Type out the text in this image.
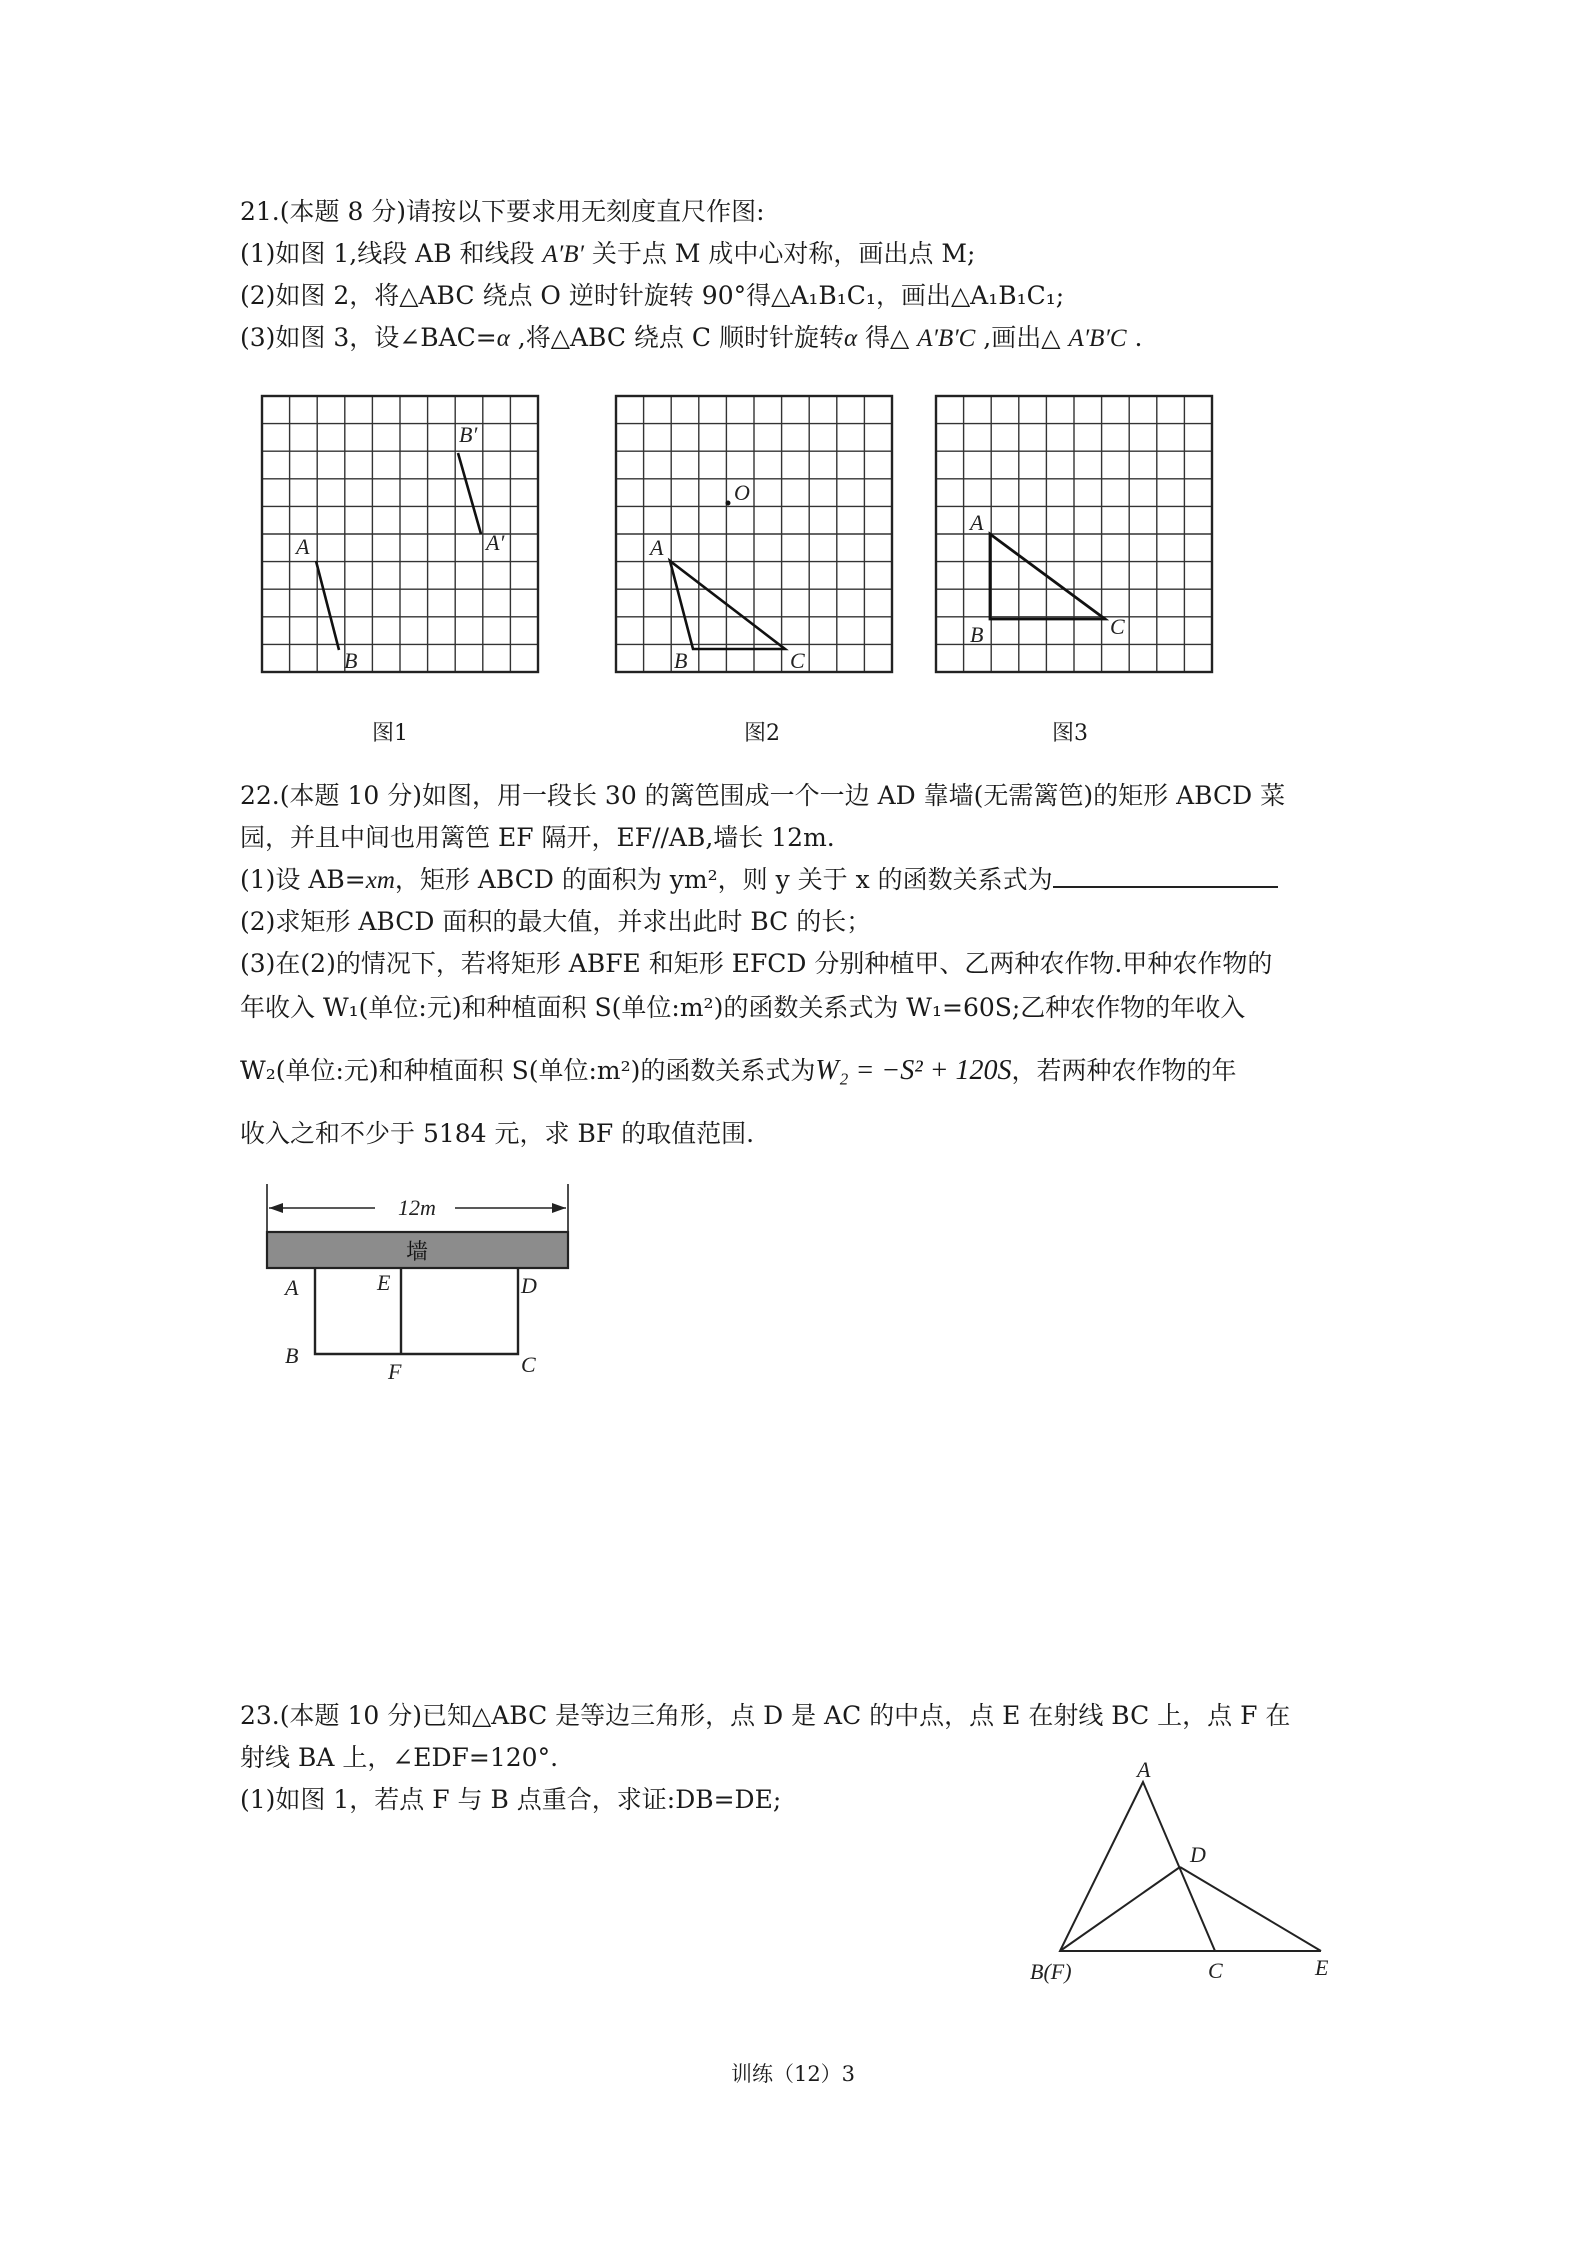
21.(本题 8 分)请按以下要求用无刻度直尺作图:
(1)如图 1,线段 AB 和线段 A′B′ 关于点 M 成中心对称，画出点 M;
(2)如图 2，将△ABC 绕点 O 逆时针旋转 90°得△A₁B₁C₁，画出△A₁B₁C₁;
(3)如图 3，设∠BAC=α ,将△ABC 绕点 C 顺时针旋转α 得△ A′B′C ,画出△ A′B′C .
A
B
B′
A′
图1
O
A
B	C
图2
A
B	C
图3
22.(本题 10 分)如图，用一段长 30 的篱笆围成一个一边 AD 靠墙(无需篱笆)的矩形 ABCD 菜
园，并且中间也用篱笆 EF 隔开，EF//AB,墙长 12m.
(1)设 AB=xm，矩形 ABCD 的面积为 ym²，则 y 关于 x 的函数关系式为
(2)求矩形 ABCD 面积的最大值，并求出此时 BC 的长；
(3)在(2)的情况下，若将矩形 ABFE 和矩形 EFCD 分别种植甲、乙两种农作物.甲种农作物的
年收入 W₁(单位:元)和种植面积 S(单位:m²)的函数关系式为 W₁=60S;乙种农作物的年收入
W₂(单位:元)和种植面积 S(单位:m²)的函数关系式为W₂ = −S² + 120S，若两种农作物的年
收入之和不少于 5184 元，求 BF 的取值范围.
12m
墙
A	E	D
B
F	C
23.(本题 10 分)已知△ABC 是等边三角形，点 D 是 AC 的中点，点 E 在射线 BC 上，点 F 在
射线 BA 上，∠EDF=120°.
(1)如图 1，若点 F 与 B 点重合，求证:DB=DE;
A
D
B(F)	C	E
训练（12）3
